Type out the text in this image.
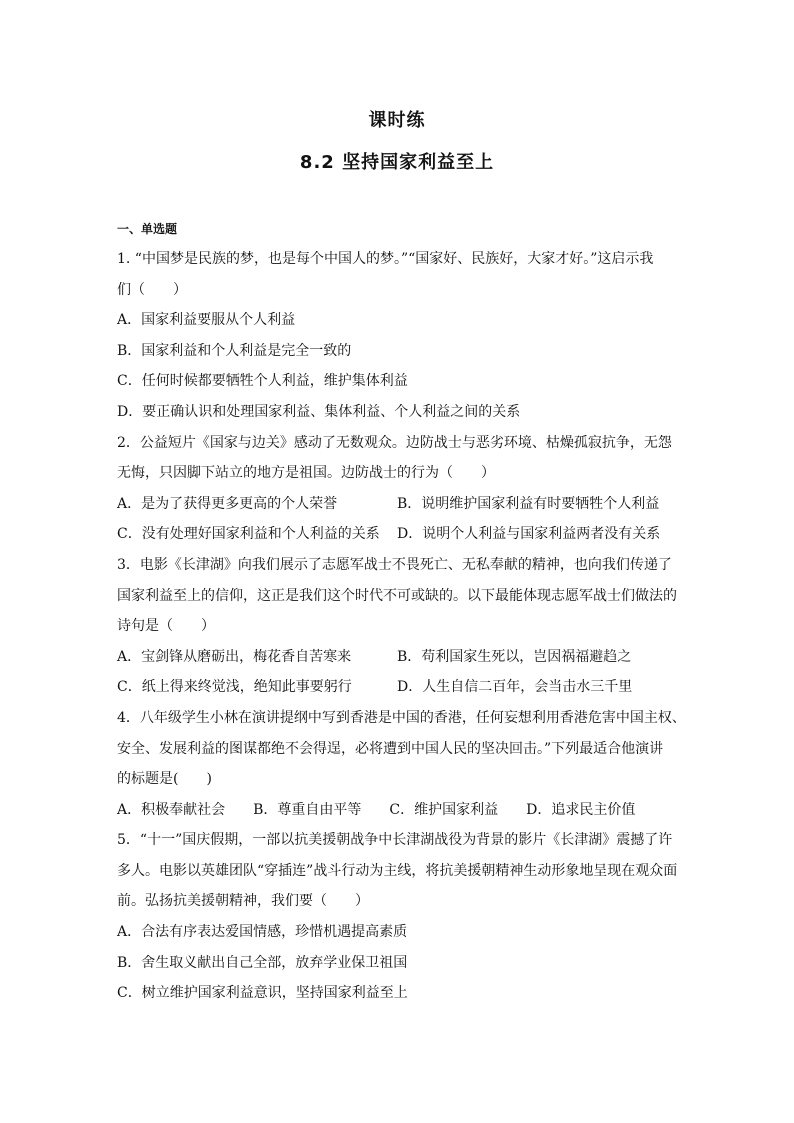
课时练
8.2 坚持国家利益至上
一、单选题
1. “中国梦是民族的梦，也是每个中国人的梦。”“国家好、民族好，大家才好。”这启示我
们（　　）
A．国家利益要服从个人利益
B．国家利益和个人利益是完全一致的
C．任何时候都要牺牲个人利益，维护集体利益
D．要正确认识和处理国家利益、集体利益、个人利益之间的关系
2．公益短片《国家与边关》感动了无数观众。边防战士与恶劣环境、枯燥孤寂抗争，无怨
无悔，只因脚下站立的地方是祖国。边防战士的行为（　　）
A．是为了获得更多更高的个人荣誉	B．说明维护国家利益有时要牺牲个人利益
C．没有处理好国家利益和个人利益的关系	D．说明个人利益与国家利益两者没有关系
3．电影《长津湖》向我们展示了志愿军战士不畏死亡、无私奉献的精神，也向我们传递了
国家利益至上的信仰，这正是我们这个时代不可或缺的。以下最能体现志愿军战士们做法的
诗句是（　　）
A．宝剑锋从磨砺出，梅花香自苦寒来	B．苟利国家生死以，岂因祸福避趋之
C．纸上得来终觉浅，绝知此事要躬行	D．人生自信二百年，会当击水三千里
4．八年级学生小林在演讲提纲中写到香港是中国的香港，任何妄想利用香港危害中国主权、
安全、发展利益的图谋都绝不会得逞，必将遭到中国人民的坚决回击。”下列最适合他演讲
的标题是(　　)
A．积极奉献社会 B．尊重自由平等 C．维护国家利益 D．追求民主价值
5．“十一”国庆假期，一部以抗美援朝战争中长津湖战役为背景的影片《长津湖》震撼了许
多人。电影以英雄团队“穿插连”战斗行动为主线，将抗美援朝精神生动形象地呈现在观众面
前。弘扬抗美援朝精神，我们要（　　）
A．合法有序表达爱国情感，珍惜机遇提高素质
B．舍生取义献出自己全部，放弃学业保卫祖国
C．树立维护国家利益意识，坚持国家利益至上
